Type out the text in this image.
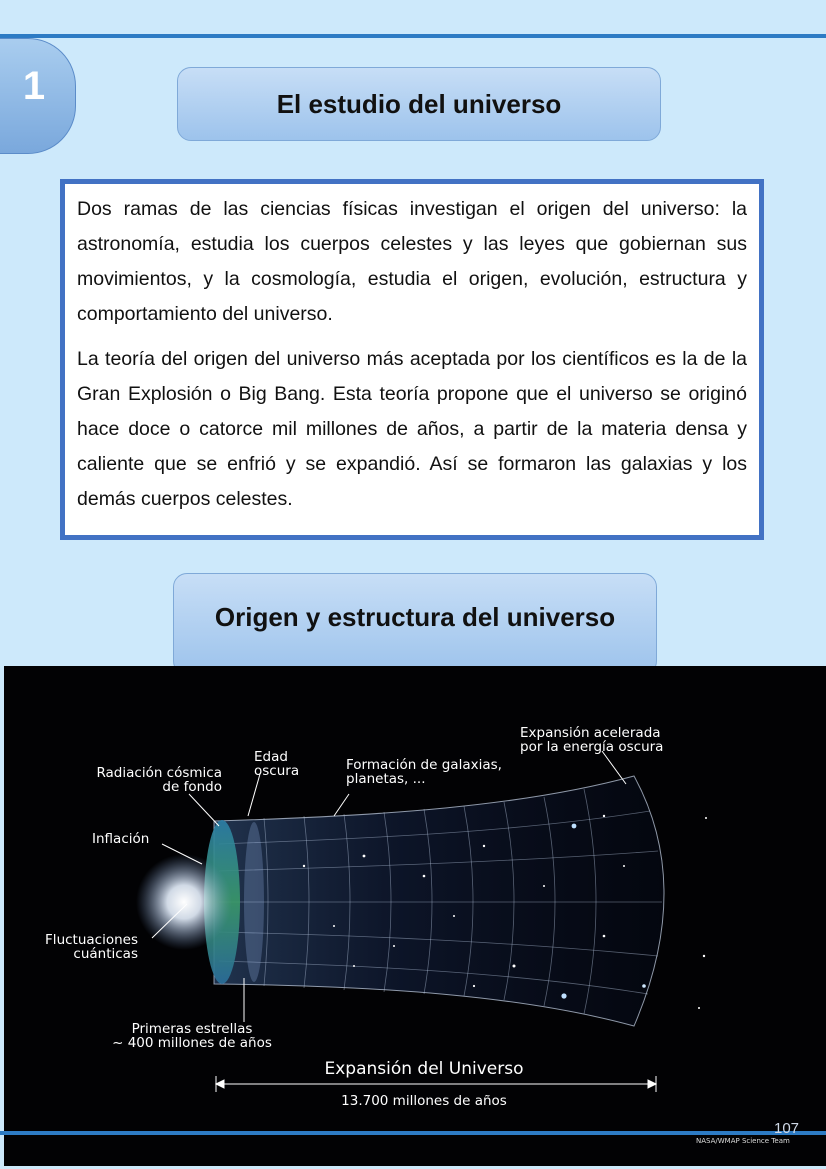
1	El estudio del universo

Dos ramas de las ciencias físicas investigan el origen del universo: la astronomía, estudia los cuerpos celestes y las leyes que gobiernan sus movimientos, y la cosmología, estudia el origen, evolución, estructura y comportamiento del universo.

La teoría del origen del universo más aceptada por los científicos es la de la Gran Explosión o Big Bang. Esta teoría propone que el universo se originó hace doce o catorce mil millones de años, a partir de la materia densa y caliente que se enfrió y se expandió. Así se formaron las galaxias y los demás cuerpos celestes.

Origen y estructura del universo
Radiación cósmica
de fondo
Edad
oscura	Formación de galaxias,
planetas, ...
Expansión acelerada
por la energía oscura
Inflación
Fluctuaciones
cuánticas
Primeras estrellas
~ 400 millones de años
Expansión del Universo
13.700 millones de años
NASA/WMAP Science Team
107
